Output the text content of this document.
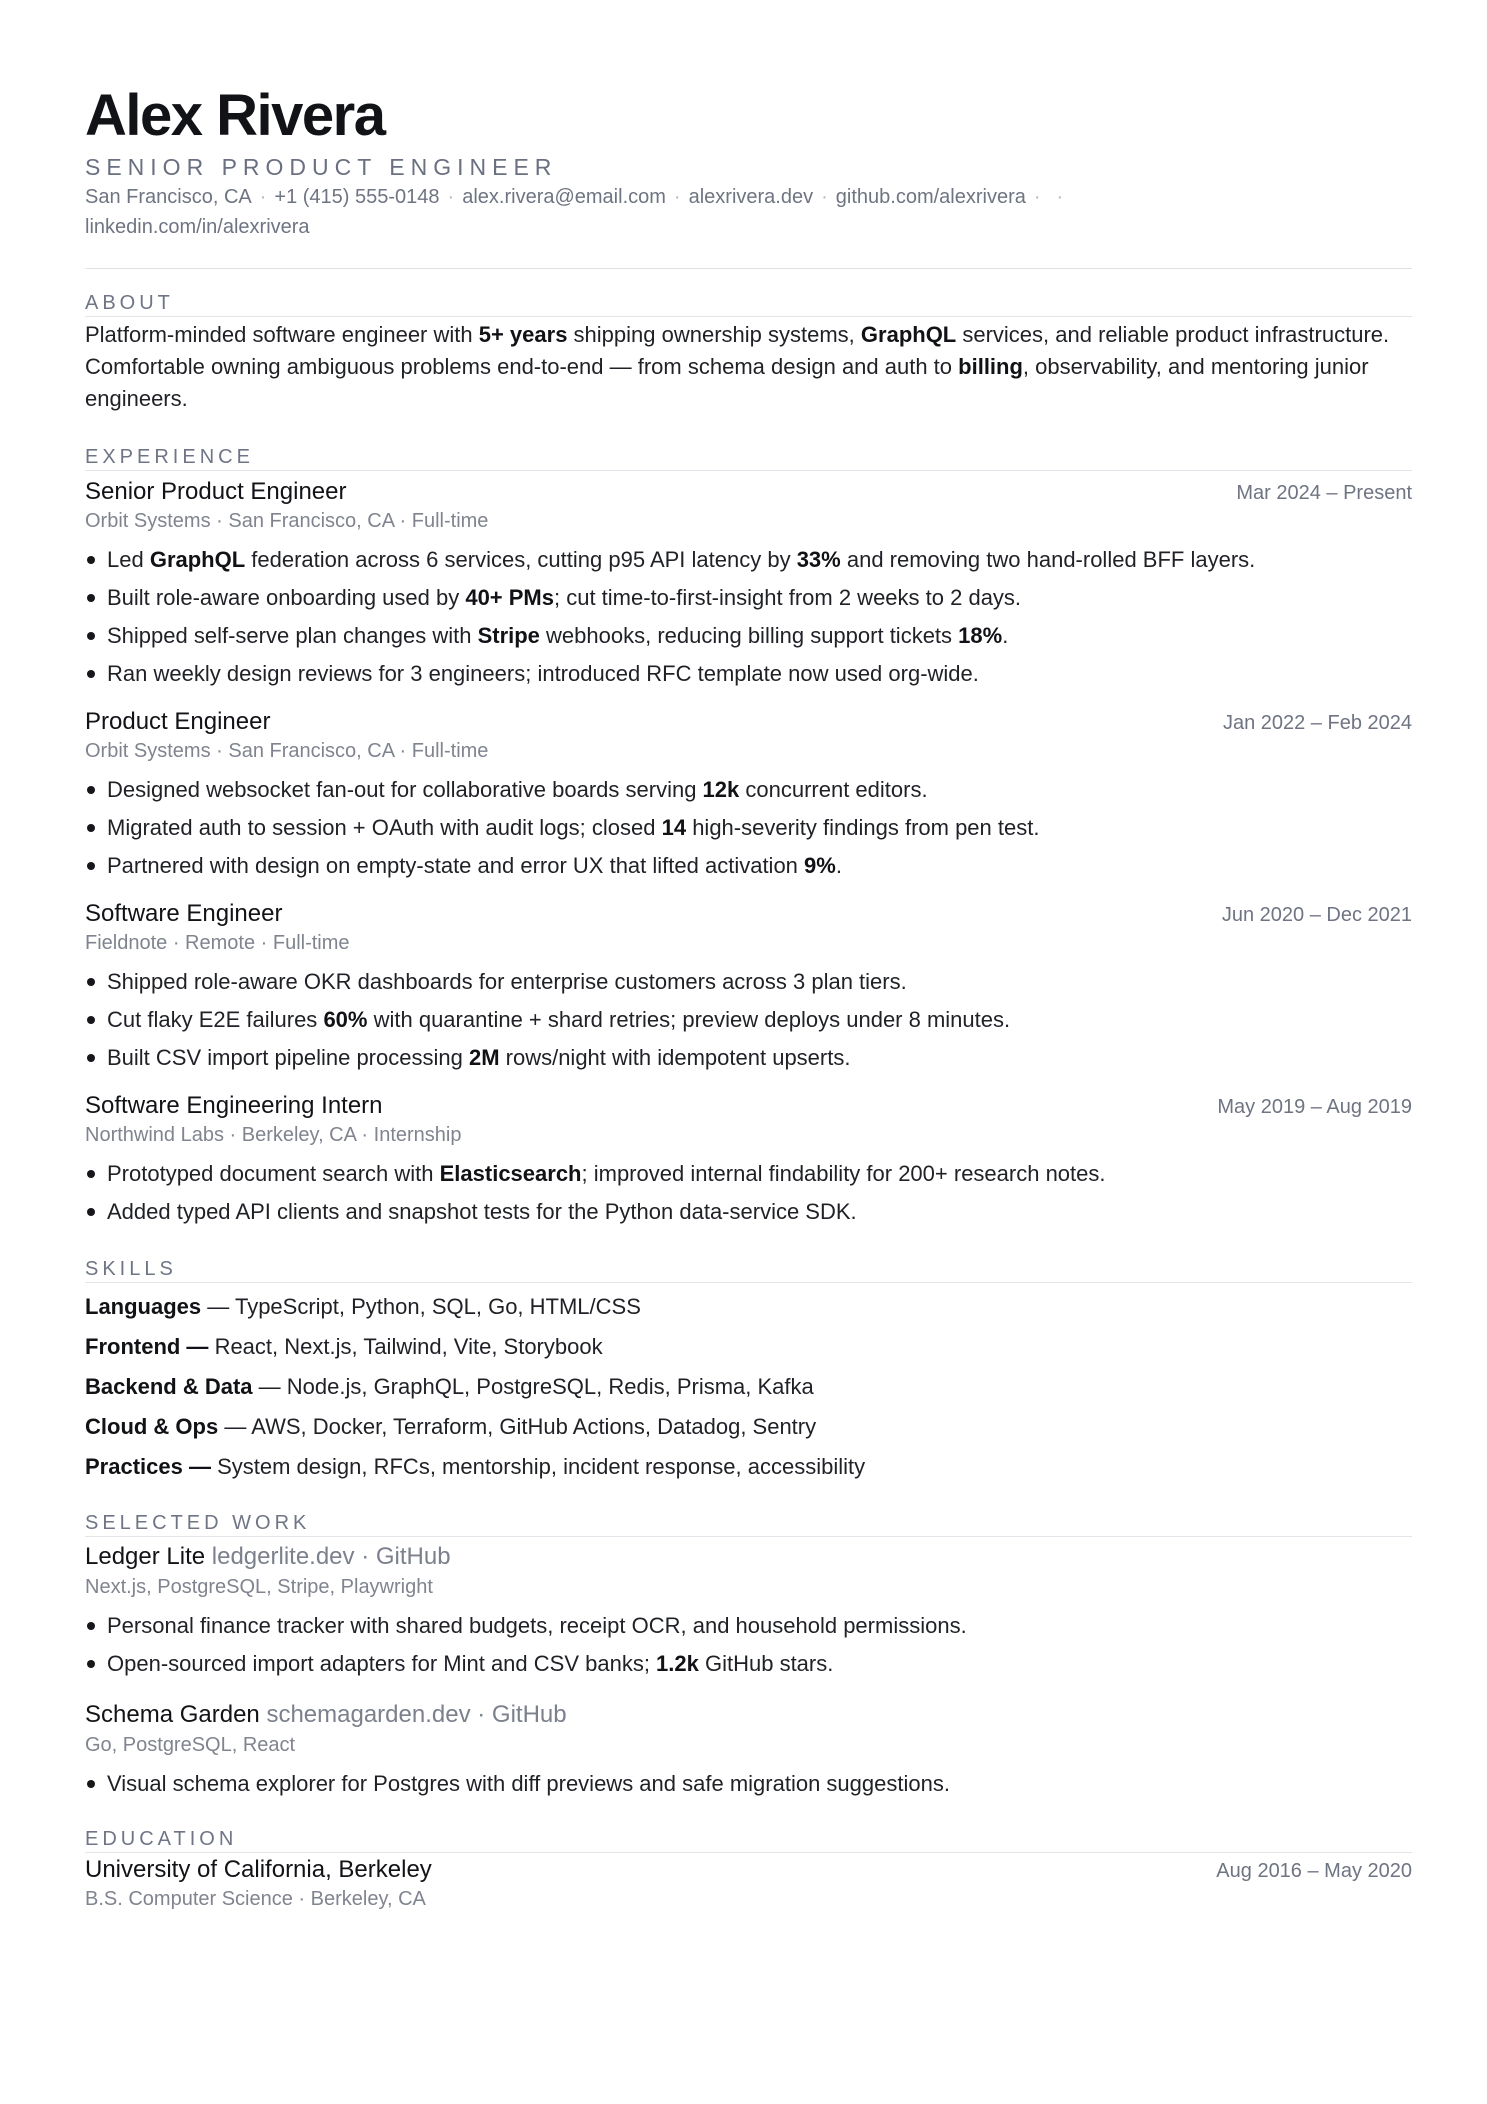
Alex Rivera
SENIOR PRODUCT ENGINEER
San Francisco, CA · +1 (415) 555-0148 · alex.rivera@email.com · alexrivera.dev · github.com/alexrivera · ·
linkedin.com/in/alexrivera
ABOUT
Platform-minded software engineer with 5+ years shipping ownership systems, GraphQL services, and reliable product infrastructure. Comfortable owning ambiguous problems end-to-end — from schema design and auth to billing, observability, and mentoring junior engineers.
EXPERIENCE
Senior Product Engineer	Mar 2024 – Present
Orbit Systems · San Francisco, CA · Full-time
Led GraphQL federation across 6 services, cutting p95 API latency by 33% and removing two hand-rolled BFF layers.
Built role-aware onboarding used by 40+ PMs; cut time-to-first-insight from 2 weeks to 2 days.
Shipped self-serve plan changes with Stripe webhooks, reducing billing support tickets 18%.
Ran weekly design reviews for 3 engineers; introduced RFC template now used org-wide.
Product Engineer	Jan 2022 – Feb 2024
Orbit Systems · San Francisco, CA · Full-time
Designed websocket fan-out for collaborative boards serving 12k concurrent editors.
Migrated auth to session + OAuth with audit logs; closed 14 high-severity findings from pen test.
Partnered with design on empty-state and error UX that lifted activation 9%.
Software Engineer	Jun 2020 – Dec 2021
Fieldnote · Remote · Full-time
Shipped role-aware OKR dashboards for enterprise customers across 3 plan tiers.
Cut flaky E2E failures 60% with quarantine + shard retries; preview deploys under 8 minutes.
Built CSV import pipeline processing 2M rows/night with idempotent upserts.
Software Engineering Intern	May 2019 – Aug 2019
Northwind Labs · Berkeley, CA · Internship
Prototyped document search with Elasticsearch; improved internal findability for 200+ research notes.
Added typed API clients and snapshot tests for the Python data-service SDK.
SKILLS
Languages — TypeScript, Python, SQL, Go, HTML/CSS
Frontend — React, Next.js, Tailwind, Vite, Storybook
Backend & Data — Node.js, GraphQL, PostgreSQL, Redis, Prisma, Kafka
Cloud & Ops — AWS, Docker, Terraform, GitHub Actions, Datadog, Sentry
Practices — System design, RFCs, mentorship, incident response, accessibility
SELECTED WORK
Ledger Lite ledgerlite.dev · GitHub
Next.js, PostgreSQL, Stripe, Playwright
Personal finance tracker with shared budgets, receipt OCR, and household permissions.
Open-sourced import adapters for Mint and CSV banks; 1.2k GitHub stars.
Schema Garden schemagarden.dev · GitHub
Go, PostgreSQL, React
Visual schema explorer for Postgres with diff previews and safe migration suggestions.
EDUCATION
University of California, Berkeley	Aug 2016 – May 2020
B.S. Computer Science · Berkeley, CA
